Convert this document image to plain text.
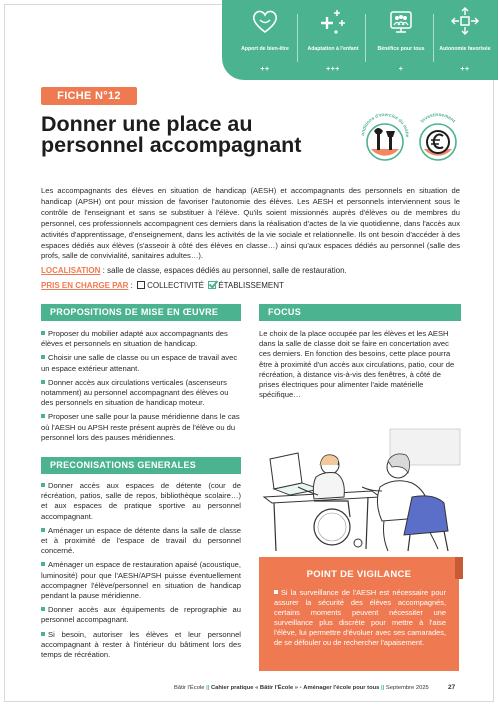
Apport de bien-être
++
Adaptation à l'enfant
+++
Bénéfice pour tous
+
Autonomie favorisée
++
FICHE N°12
Donner une place au personnel accompagnant
Conditions d'exercice du métier
Investissement

Les accompagnants des élèves en situation de handicap (AESH) et accompagnants des personnels en situation de handicap (APSH) ont pour mission de favoriser l'autonomie des élèves. Les AESH et personnels interviennent sous le contrôle de l'enseignant et sans se substituer à l'élève. Qu'ils soient missionnés auprès d'élèves ou de membres du personnel, ces professionnels accompagnent ces derniers dans la réalisation d'actes de la vie quotidienne, dans l'accès aux activités d'apprentissage, d'enseignement, dans les activités de la vie sociale et relationnelle. Ils ont besoin d'accéder à des espaces dédiés aux élèves (s'asseoir à côté des élèves en classe…) ainsi qu'aux espaces dédiés au personnel (salle des profs, salle de convivialité, sanitaires adultes…).

LOCALISATION : salle de classe, espaces dédiés au personnel, salle de restauration.

PRIS EN CHARGE PAR : COLLECTIVITÉ ÉTABLISSEMENT

PROPOSITIONS DE MISE EN ŒUVRE
Proposer du mobilier adapté aux accompagnants des élèves et personnels en situation de handicap.
Choisir une salle de classe ou un espace de travail avec un espace extérieur attenant.
Donner accès aux circulations verticales (ascenseurs notamment) au personnel accompagnant des élèves ou des personnels en situation de handicap moteur.
Proposer une salle pour la pause méridienne dans le cas où l'AESH ou APSH reste présent auprès de l'élève ou du personnel lors des pauses méridiennes.
FOCUS

Le choix de la place occupée par les élèves et les AESH dans la salle de classe doit se faire en concertation avec ces derniers. En fonction des besoins, cette place pourra être à proximité d'un accès aux circulations, patio, cour de récréation, à distance vis-à-vis des fenêtres, à côté de prises électriques pour alimenter l'aide matérielle spécifique…

PRECONISATIONS GENERALES
Donner accès aux espaces de détente (cour de récréation, patios, salle de repos, bibliothèque scolaire…) et aux espaces de pratique sportive au personnel accompagnant.
Aménager un espace de détente dans la salle de classe et à proximité de l'espace de travail du personnel concerné.
Aménager un espace de restauration apaisé (acoustique, luminosité) pour que l'AESH/APSH puisse éventuellement accompagner l'élève/personnel en situation de handicap pendant la pause méridienne.
Donner accès aux équipements de reprographie au personnel accompagnant.
Si besoin, autoriser les élèves et leur personnel accompagnant à rester à l'intérieur du bâtiment lors des temps de récréation.
POINT DE VIGILANCE

Si la surveillance de l'AESH est nécessaire pour assurer la sécurité des élèves accompagnés, certains moments peuvent nécessiter une surveillance plus discrète pour mettre à l'aise l'élève, lui permettre d'évoluer avec ses camarades, de se défouler ou de rechercher l'apaisement.

Bâtir l'École || Cahier pratique « Bâtir l'École » • Aménager l'école pour tous || Septembre 2025	27
